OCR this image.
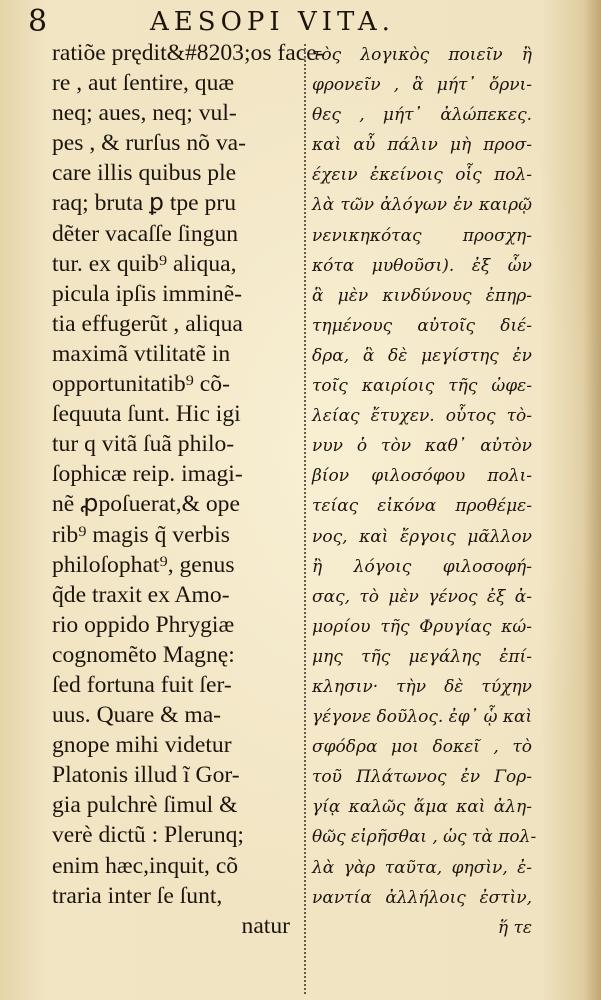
8	AESOPI VITA.
ratiõe prędit&#8203;os face-
re , aut ſentire, quæ
neq; aues, neq; vul-
pes , & rurſus nõ va-
care illis quibus ple
raq; bruta ꝑ tpe pru
dẽter vacaſſe ſingun
tur. ex quib⁹ aliqua,
picula ipſis imminẽ-
tia effugerũt , aliqua
maximã vtilitatẽ in
opportunitatib⁹ cõ-
ſequuta ſunt. Hic igi
tur q vitã ſuã philo-
ſophicæ reip. imagi-
nẽ ꝓpoſuerat,& ope
rib⁹ magis q̃ verbis
philoſophat⁹, genus
q̃de traxit ex Amo-
rio oppido Phrygiæ
cognomẽto Magnę:
ſed fortuna fuit ſer-
uus. Quare & ma-
gnope mihi videtur
Platonis illud ĩ Gor-
gia pulchrè ſimul &
verè dictũ : Plerunq;
enim hæc,inquit, cõ
traria inter ſe ſunt,
natur
τὸς λογικὸς ποιεῖν ἢ
φρονεῖν , ἃ μήτ᾽ ὄρνι-
θες , μήτ᾽ ἀλώπεκες.
καὶ αὖ πάλιν μὴ προσ-
έχειν ἐκείνοις οἷς πολ-
λὰ τῶν ἀλόγων ἐν καιρῷ
νενικηκότας προσχη-
κότα μυθοῦσι). ἐξ ὧν
ἃ μὲν κινδύνους ἐπηρ-
τημένους αὐτοῖς διέ-
δρα, ἃ δὲ μεγίστης ἐν
τοῖς καιρίοις τῆς ὠφε-
λείας ἔτυχεν. οὗτος τὸ-
νυν ὁ τὸν καθ᾽ αὐτὸν
βίον φιλοσόφου πολι-
τείας εἰκόνα προθέμε-
νος, καὶ ἔργοις μᾶλλον
ἢ λόγοις φιλοσοφή-
σας, τὸ μὲν γένος ἐξ ἀ-
μορίου τῆς Φρυγίας κώ-
μης τῆς μεγάλης ἐπί-
κλησιν· τὴν δὲ τύχην
γέγονε δοῦλος. ἐφ᾽ ᾧ καὶ
σφόδρα μοι δοκεῖ , τὸ
τοῦ Πλάτωνος ἐν Γορ-
γίᾳ καλῶς ἅμα καὶ ἀλη-
θῶς εἰρῆσθαι , ὡς τὰ πολ-
λὰ γὰρ ταῦτα, φησὶν, ἐ-
ναντία ἀλλήλοις ἐστὶν,
ἥ τε
